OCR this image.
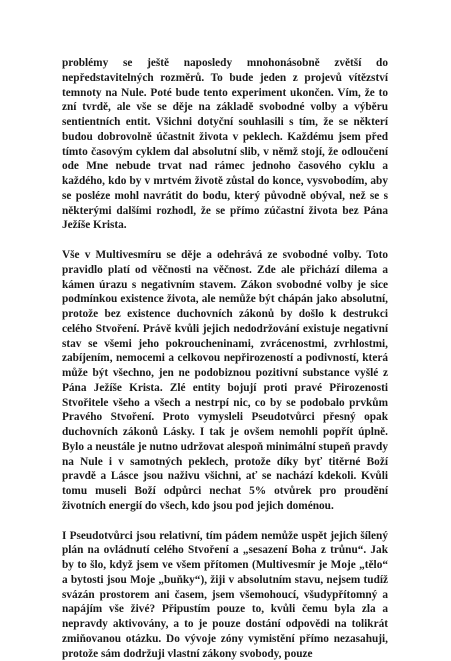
problémy se ještě naposledy mnohonásobně zvětší do nepředstavitelných rozměrů. To bude jeden z projevů vítězství temnoty na Nule. Poté bude tento experiment ukončen. Vím, že to zní tvrdě, ale vše se děje na základě svobodné volby a výběru sentientních entit. Všichni dotyční souhlasili s tím, že se některí budou dobrovolně účastnit života v peklech. Každému jsem před tímto časovým cyklem dal absolutní slib, v němž stojí, že odloučení ode Mne nebude trvat nad rámec jednoho časového cyklu a každého, kdo by v mrtvém životě zůstal do konce, vysvobodím, aby se posléze mohl navrátit do bodu, který původně obýval, než se s některými dalšími rozhodl, že se přímo zúčastní života bez Pána Ježíše Krista.

Vše v Multivesmíru se děje a odehrává ze svobodné volby. Toto pravidlo platí od věčnosti na věčnost. Zde ale přichází dilema a kámen úrazu s negativním stavem. Zákon svobodné volby je sice podmínkou existence života, ale nemůže být chápán jako absolutní, protože bez existence duchovních zákonů by došlo k destrukci celého Stvoření. Právě kvůli jejich nedodržování existuje negativní stav se všemi jeho pokroucheninami, zvrácenostmi, zvrhlostmi, zabíjením, nemocemi a celkovou nepřirozeností a podivností, která může být všechno, jen ne podobiznou pozitivní substance vyšlé z Pána Ježíše Krista. Zlé entity bojují proti pravé Přirozenosti Stvořitele všeho a všech a nestrpí nic, co by se podobalo prvkům Pravého Stvoření. Proto vymysleli Pseudotvůrci přesný opak duchovních zákonů Lásky. I tak je ovšem nemohli popřít úplně. Bylo a neustále je nutno udržovat alespoň minimální stupeň pravdy na Nule i v samotných peklech, protože díky byť titěrné Boží pravdě a Lásce jsou naživu všichni, ať se nachází kdekoli. Kvůli tomu museli Boží odpůrci nechat 5% otvůrek pro proudění životních energií do všech, kdo jsou pod jejich doménou.

I Pseudotvůrci jsou relativní, tím pádem nemůže uspět jejich šílený plán na ovládnutí celého Stvoření a „sesazení Boha z trůnu“. Jak by to šlo, když jsem ve všem přítomen (Multivesmír je Moje „tělo“ a bytosti jsou Moje „buňky“), žiji v absolutním stavu, nejsem tudíž svázán prostorem ani časem, jsem všemohoucí, všudypřítomný a napájím vše živé? Připustím pouze to, kvůli čemu byla zla a nepravdy aktivovány, a to je pouze dostání odpovědi na tolikrát zmiňovanou otázku. Do vývoje zóny vymistění přímo nezasahuji, protože sám dodržuji vlastní zákony svobody, pouze
